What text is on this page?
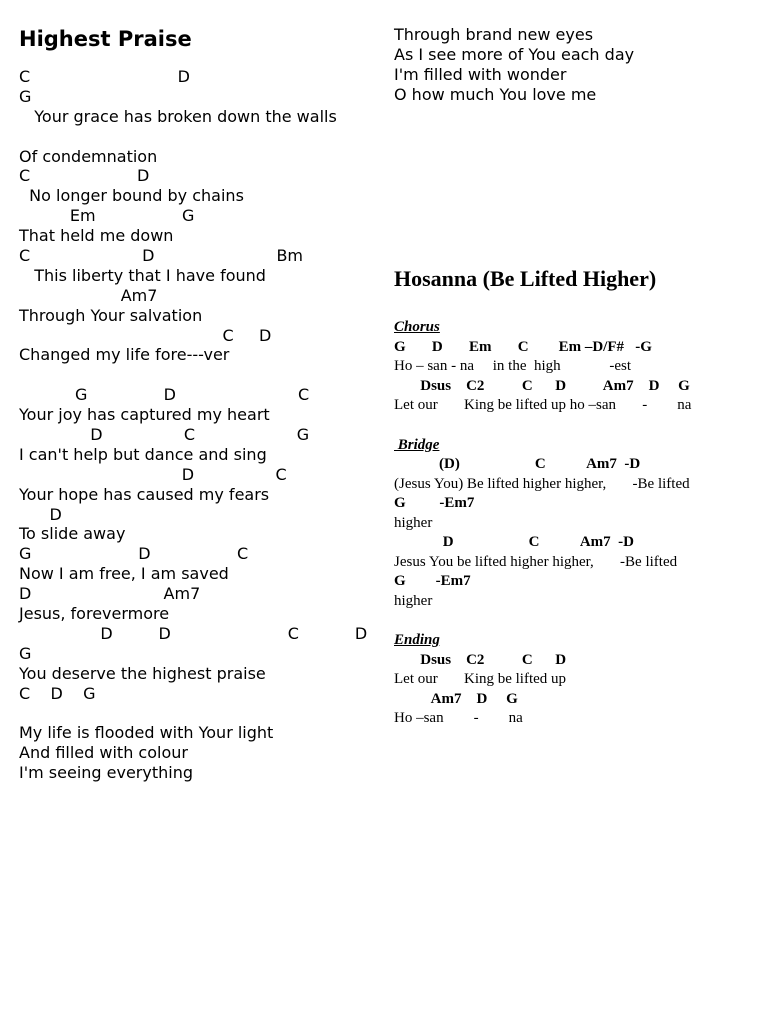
Highest Praise
C                             D
G
Your grace has broken down the walls
Of condemnation
C                     D
No longer bound by chains
Em                 G
That held me down
C                      D                        Bm
This liberty that I have found
Am7
Through Your salvation
C     D
Changed my life fore---ver
G               D                        C
Your joy has captured my heart
D                C                    G
I can't help but dance and sing
D                C
Your hope has caused my fears
D
To slide away
G                     D                 C
Now I am free, I am saved
D                          Am7
Jesus, forevermore
D         D                       C           D
G
You deserve the highest praise
C    D    G
My life is flooded with Your light
And filled with colour
I'm seeing everything
Through brand new eyes
As I see more of You each day
I'm filled with wonder
O how much You love me
Hosanna (Be Lifted Higher)
Chorus
G       D       Em       C        Em –D/F#   -G
Ho – san - na     in the  high             -est
Dsus    C2          C      D          Am7    D     G
Let our       King be lifted up ho –san       -        na
Bridge
(D)                    C           Am7  -D
(Jesus You) Be lifted higher higher,       -Be lifted
G         -Em7
higher
D                    C           Am7  -D
Jesus You be lifted higher higher,       -Be lifted
G        -Em7
higher
Ending
Dsus    C2          C      D
Let our       King be lifted up
Am7    D     G
Ho –san        -        na
